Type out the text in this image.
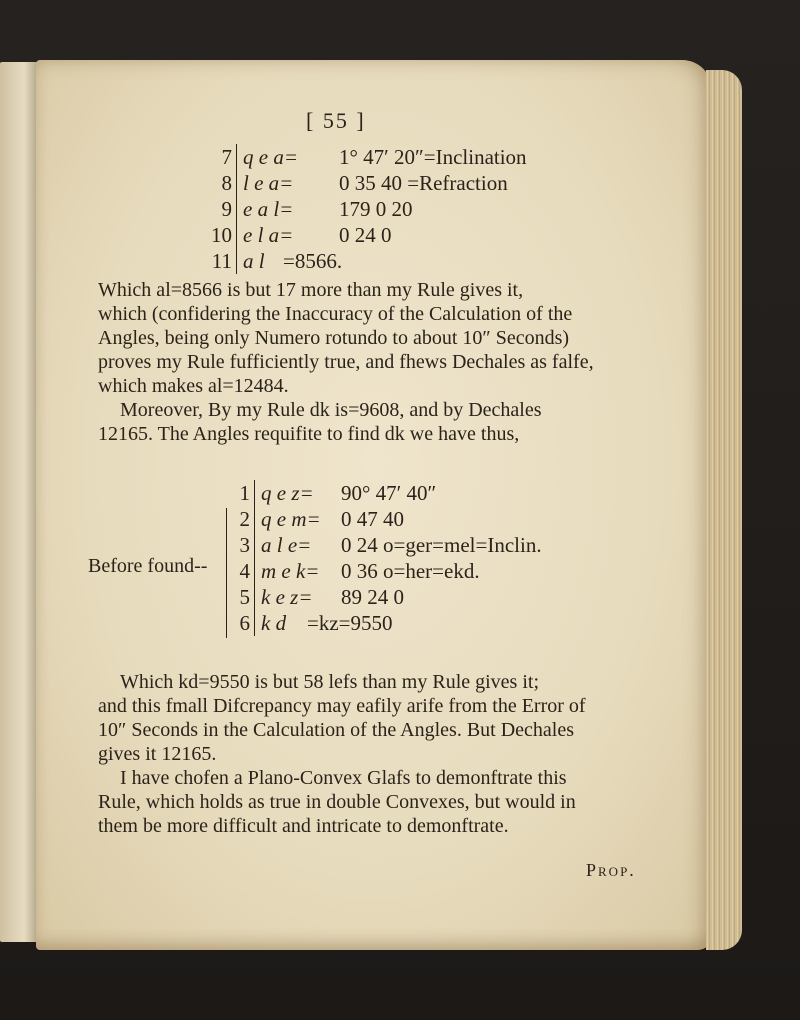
[ 55 ]
7 q e a= 1° 47′ 20″=Inclination
8 l e a= 0 35 40 =Refraction
9 e a l= 179 0 20
10 e l a= 0 24 0
11 a l =8566.
Which al=8566 is but 17 more than my Rule gives it,
which (confidering the Inaccuracy of the Calculation of the
Angles, being only Numero rotundo to about 10″ Seconds)
proves my Rule fufficiently true, and fhews Dechales as falfe,
which makes al=12484.
Moreover, By my Rule dk is=9608, and by Dechales
12165. The Angles requifite to find dk we have thus,
Before found--
1 q e z= 90° 47′ 40″
2 q e m= 0 47 40
3 a l e= 0 24 o=ger=mel=Inclin.
4 m e k= 0 36 o=her=ekd.
5 k e z= 89 24 0
6 k d =kz=9550
Which kd=9550 is but 58 lefs than my Rule gives it;
and this fmall Difcrepancy may eafily arife from the Error of
10″ Seconds in the Calculation of the Angles. But Dechales
gives it 12165.
I have chofen a Plano-Convex Glafs to demonftrate this
Rule, which holds as true in double Convexes, but would in
them be more difficult and intricate to demonftrate.
Prop.
